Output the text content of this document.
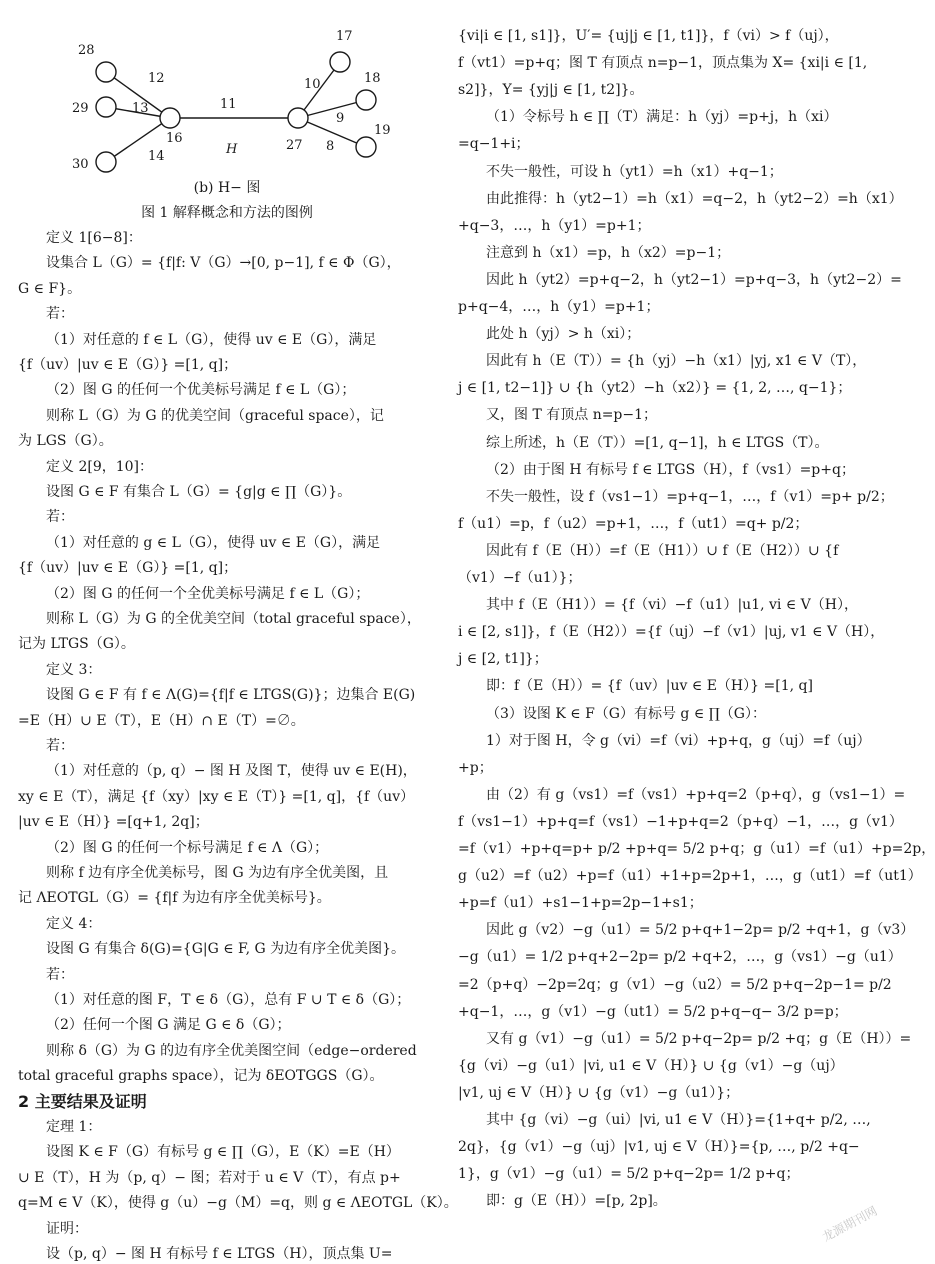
28
29
30
16	27
17
18
19
12
13
14
11
10
9
8
H
(b) H− 图
图 1 解释概念和方法的图例
定义 1[6−8]：
设集合 L（G）= {f|f: V（G）→[0, p−1], f ∈ Φ（G），
G ∈ F}。
若：
（1）对任意的 f ∈ L（G），使得 uv ∈ E（G），满足
{f（uv）|uv ∈ E（G）} =[1, q]；
（2）图 G 的任何一个优美标号满足 f ∈ L（G）；
则称 L（G）为 G 的优美空间（graceful space），记
为 LGS（G）。
定义 2[9，10]：
设图 G ∈ F 有集合 L（G）= {g|g ∈ ∏（G）}。
若：
（1）对任意的 g ∈ L（G），使得 uv ∈ E（G），满足
{f（uv）|uv ∈ E（G）} =[1, q]；
（2）图 G 的任何一个全优美标号满足 f ∈ L（G）；
则称 L（G）为 G 的全优美空间（total graceful space），
记为 LTGS（G）。
定义 3：
设图 G ∈ F 有 f ∈ Λ(G)={f|f ∈ LTGS(G)}；边集合 E(G)
=E（H）∪ E（T），E（H）∩ E（T）=∅。
若：
（1）对任意的（p, q）− 图 H 及图 T，使得 uv ∈ E(H)，
xy ∈ E（T），满足 {f（xy）|xy ∈ E（T）} =[1, q]，{f（uv）
|uv ∈ E（H）} =[q+1, 2q]；
（2）图 G 的任何一个标号满足 f ∈ Λ（G）；
则称 f 边有序全优美标号，图 G 为边有序全优美图，且
记 ΛEOTGL（G）= {f|f 为边有序全优美标号}。
定义 4：
设图 G 有集合 δ(G)={G|G ∈ F, G 为边有序全优美图}。
若：
（1）对任意的图 F，T ∈ δ（G），总有 F ∪ T ∈ δ（G）；
（2）任何一个图 G 满足 G ∈ δ（G）；
则称 δ（G）为 G 的边有序全优美图空间（edge−ordered
total graceful graphs space），记为 δEOTGGS（G）。
2 主要结果及证明
定理 1：
设图 K ∈ F（G）有标号 g ∈ ∏（G），E（K）=E（H）
∪ E（T），H 为（p, q）− 图；若对于 u ∈ V（T），有点 p+
q=M ∈ V（K），使得 g（u）−g（M）=q，则 g ∈ ΛEOTGL（K）。
证明：
设（p, q）− 图 H 有标号 f ∈ LTGS（H），顶点集 U=
{vi|i ∈ [1, s1]}，U′= {uj|j ∈ [1, t1]}，f（vi）> f（uj），
f（vt1）=p+q；图 T 有顶点 n=p−1，顶点集为 X= {xi|i ∈ [1,
s2]}，Y= {yj|j ∈ [1, t2]}。
（1）令标号 h ∈ ∏（T）满足：h（yj）=p+j，h（xi）
=q−1+i；
不失一般性，可设 h（yt1）=h（x1）+q−1；
由此推得：h（yt2−1）=h（x1）=q−2，h（yt2−2）=h（x1）
+q−3，…，h（y1）=p+1；
注意到 h（x1）=p，h（x2）=p−1；
因此 h（yt2）=p+q−2，h（yt2−1）=p+q−3，h（yt2−2）=
p+q−4，…，h（y1）=p+1；
此处 h（yj）> h（xi）；
因此有 h（E（T））= {h（yj）−h（x1）|yj, x1 ∈ V（T），
j ∈ [1, t2−1]} ∪ {h（yt2）−h（x2）} = {1, 2, …, q−1}；
又，图 T 有顶点 n=p−1；
综上所述，h（E（T））=[1, q−1]，h ∈ LTGS（T）。
（2）由于图 H 有标号 f ∈ LTGS（H），f（vs1）=p+q；
不失一般性，设 f（vs1−1）=p+q−1，…，f（v1）=p+ p/2；
f（u1）=p，f（u2）=p+1，…，f（ut1）=q+ p/2；
因此有 f（E（H））=f（E（H1））∪ f（E（H2））∪ {f
（v1）−f（u1）}；
其中 f（E（H1））= {f（vi）−f（u1）|u1, vi ∈ V（H），
i ∈ [2, s1]}，f（E（H2））={f（uj）−f（v1）|uj, v1 ∈ V（H），
j ∈ [2, t1]}；
即：f（E（H））= {f（uv）|uv ∈ E（H）} =[1, q]
（3）设图 K ∈ F（G）有标号 g ∈ ∏（G）：
1）对于图 H，令 g（vi）=f（vi）+p+q，g（uj）=f（uj）
+p；
由（2）有 g（vs1）=f（vs1）+p+q=2（p+q），g（vs1−1）=
f（vs1−1）+p+q=f（vs1）−1+p+q=2（p+q）−1，…，g（v1）
=f（v1）+p+q=p+ p/2 +p+q= 5/2 p+q；g（u1）=f（u1）+p=2p，
g（u2）=f（u2）+p=f（u1）+1+p=2p+1，…，g（ut1）=f（ut1）
+p=f（u1）+s1−1+p=2p−1+s1；
因此 g（v2）−g（u1）= 5/2 p+q+1−2p= p/2 +q+1，g（v3）
−g（u1）= 1/2 p+q+2−2p= p/2 +q+2，…，g（vs1）−g（u1）
=2（p+q）−2p=2q；g（v1）−g（u2）= 5/2 p+q−2p−1= p/2
+q−1，…，g（v1）−g（ut1）= 5/2 p+q−q− 3/2 p=p；
又有 g（v1）−g（u1）= 5/2 p+q−2p= p/2 +q；g（E（H））=
{g（vi）−g（u1）|vi, u1 ∈ V（H）} ∪ {g（v1）−g（uj）
|v1, uj ∈ V（H）} ∪ {g（v1）−g（u1）}；
其中 {g（vi）−g（ui）|vi, u1 ∈ V（H）}={1+q+ p/2, …,
2q}，{g（v1）−g（uj）|v1, uj ∈ V（H）}={p, …, p/2 +q−
1}，g（v1）−g（u1）= 5/2 p+q−2p= 1/2 p+q；
即：g（E（H））=[p, 2p]。
龙源期刊网
